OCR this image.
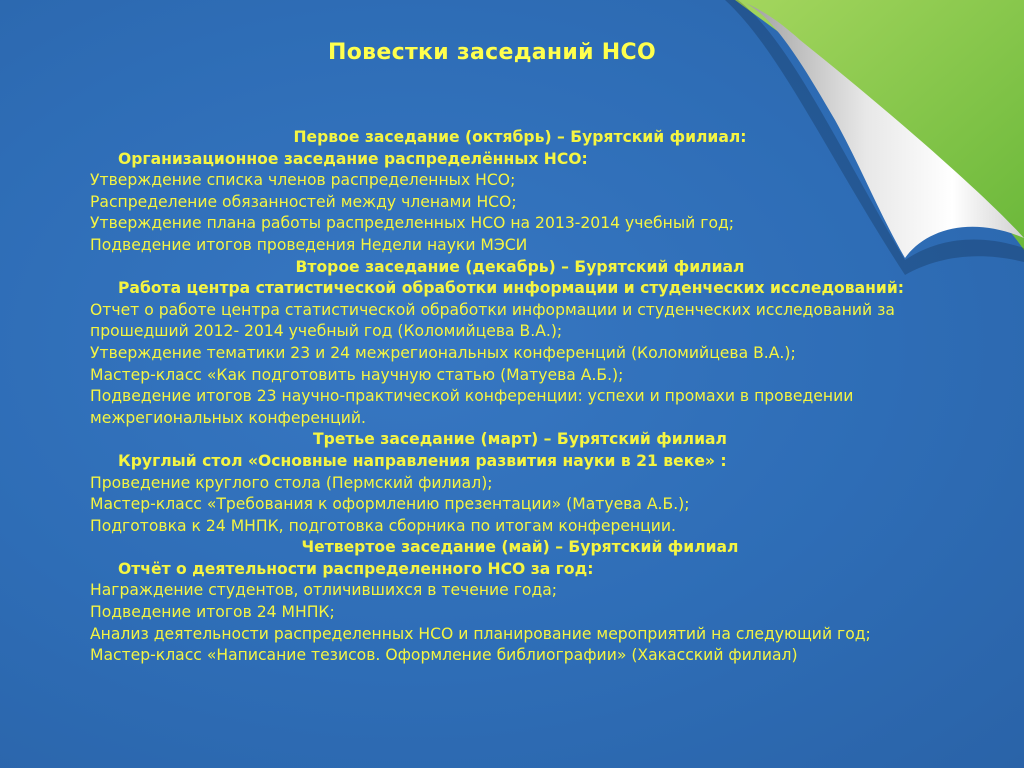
Повестки заседаний НСО

Первое заседание (октябрь) – Бурятский филиал:

Организационное заседание распределённых НСО:

Утверждение списка членов распределенных НСО;

Распределение обязанностей между членами НСО;

Утверждение плана работы распределенных НСО на 2013-2014 учебный год;

Подведение итогов проведения Недели науки МЭСИ

Второе заседание (декабрь) – Бурятский филиал

Работа центра статистической обработки информации и студенческих исследований:

Отчет о работе центра статистической обработки информации и студенческих исследований за прошедший 2012- 2014 учебный год (Коломийцева В.А.);

Утверждение тематики 23 и 24 межрегиональных конференций (Коломийцева В.А.);

Мастер-класс «Как подготовить научную статью (Матуева А.Б.);

Подведение итогов 23 научно-практической конференции: успехи и промахи в проведении межрегиональных конференций.

Третье заседание (март) – Бурятский филиал

Круглый стол «Основные направления развития науки в 21 веке» :

Проведение круглого стола (Пермский филиал);

Мастер-класс «Требования к оформлению презентации» (Матуева А.Б.);

Подготовка к 24 МНПК, подготовка сборника по итогам конференции.

Четвертое заседание (май) – Бурятский филиал

Отчёт о деятельности распределенного НСО за год:

Награждение студентов, отличившихся в течение года;

Подведение итогов 24 МНПК;

Анализ деятельности распределенных НСО и планирование мероприятий на следующий год;

Мастер-класс «Написание тезисов. Оформление библиографии» (Хакасский филиал)
